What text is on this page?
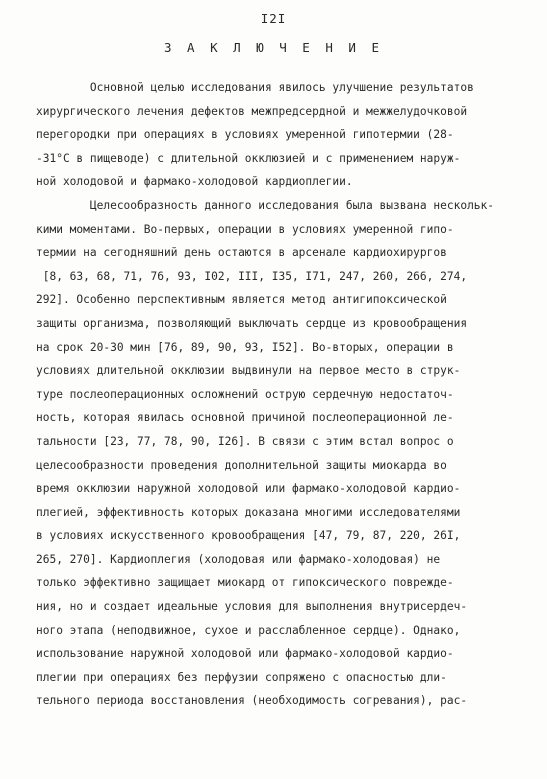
I2I
З А К Л Ю Ч Е Н И Е
Основной целью исследования явилось улучшение результатов
хирургического лечения дефектов межпредсердной и межжелудочковой
перегородки при операциях в условиях умеренной гипотермии (28-
-31°С в пищеводе) с длительной окклюзией и с применением наруж-
ной холодовой и фармако-холодовой кардиоплегии.
Целесообразность данного исследования была вызвана нескольк-
кими моментами. Во-первых, операции в условиях умеренной гипо-
термии на сегодняшний день остаются в арсенале кардиохирургов
[8, 63, 68, 71, 76, 93, I02, III, I35, I71, 247, 260, 266, 274,
292]. Особенно перспективным является метод антигипоксической
защиты организма, позволяющий выключать сердце из кровообращения
на срок 20-30 мин [76, 89, 90, 93, I52]. Во-вторых, операции в
условиях длительной окклюзии выдвинули на первое место в струк-
туре послеоперационных осложнений острую сердечную недостаточ-
ность, которая явилась основной причиной послеоперационной ле-
тальности [23, 77, 78, 90, I26]. В связи с этим встал вопрос о
целесообразности проведения дополнительной защиты миокарда во
время окклюзии наружной холодовой или фармако-холодовой кардио-
плегией, эффективность которых доказана многими исследователями
в условиях искусственного кровообращения [47, 79, 87, 220, 26I,
265, 270]. Кардиоплегия (холодовая или фармако-холодовая) не
только эффективно защищает миокард от гипоксического повреждe-
ния, но и создает идеальные условия для выполнения внутрисердеч-
ного этапа (неподвижное, сухое и расслабленное сердце). Однако,
использование наружной холодовой или фармако-холодовой кардио-
плегии при операциях без перфузии сопряжено с опасностью дли-
тельного периода восстановления (необходимость согревания), рас-
